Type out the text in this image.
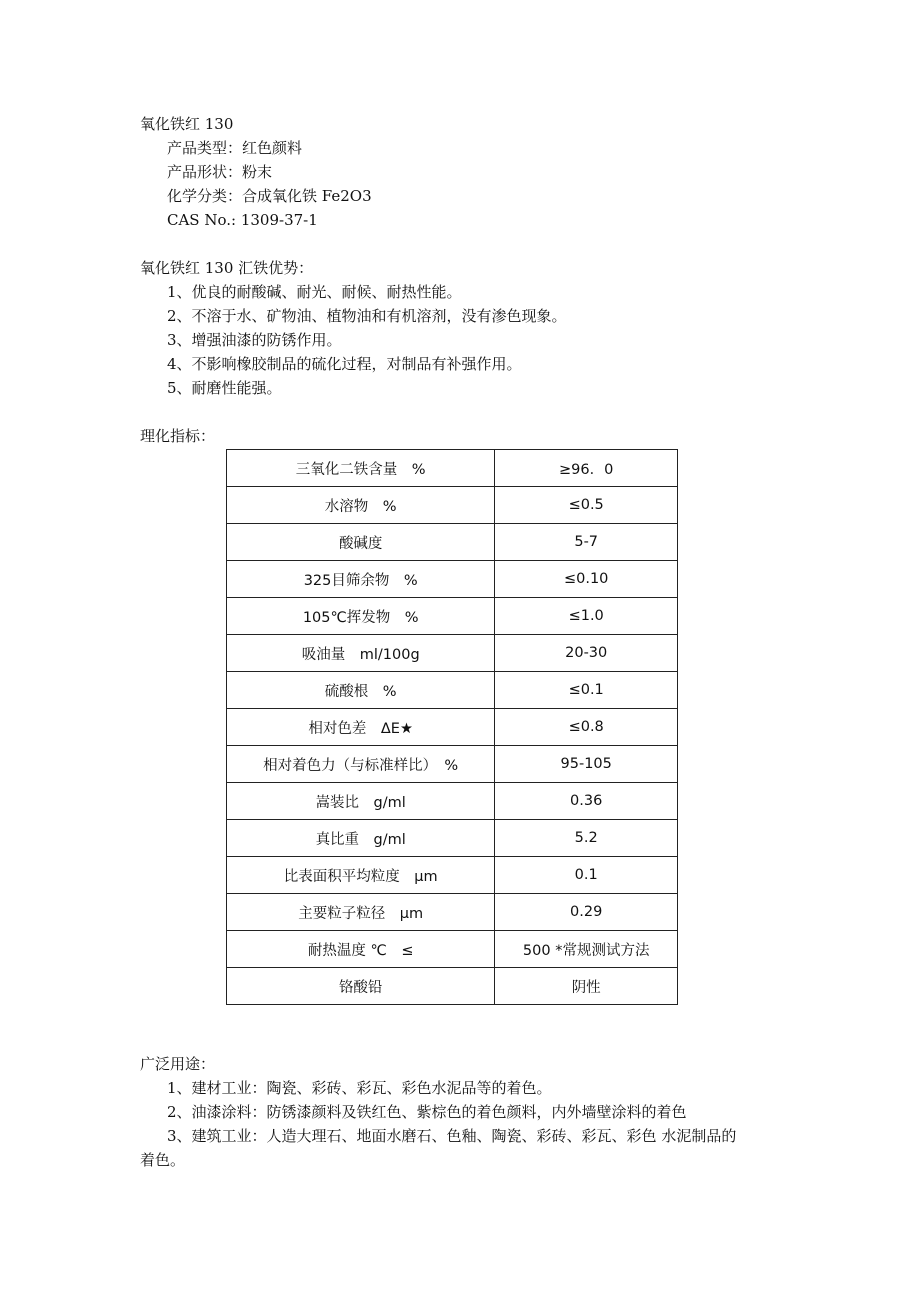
氧化铁红 130
产品类型：红色颜料
产品形状：粉末
化学分类：合成氧化铁 Fe2O3
CAS No.: 1309-37-1
氧化铁红 130 汇铁优势：
1、优良的耐酸碱、耐光、耐候、耐热性能。
2、不溶于水、矿物油、植物油和有机溶剂，没有渗色现象。
3、增强油漆的防锈作用。
4、不影响橡胶制品的硫化过程，对制品有补强作用。
5、耐磨性能强。
理化指标：
三氧化二铁含量　%	≥96．0
水溶物　%	≤0.5
酸碱度	5-7
325目筛余物　%	≤0.10
105℃挥发物　%	≤1.0
吸油量　ml/100g	20-30
硫酸根　%	≤0.1
相对色差　ΔE★	≤0.8
相对着色力（与标准样比）　%	95-105
嵩装比　g/ml	0.36
真比重　g/ml	5.2
比表面积平均粒度　μm	0.1
主要粒子粒径　μm	0.29
耐热温度 ℃　≤	500 *常规测试方法
铬酸铅	阴性
广泛用途：
1、建材工业：陶瓷、彩砖、彩瓦、彩色水泥品等的着色。
2、油漆涂料：防锈漆颜料及铁红色、紫棕色的着色颜料，内外墙壁涂料的着色
3、建筑工业：人造大理石、地面水磨石、色釉、陶瓷、彩砖、彩瓦、彩色 水泥制品的
着色。
